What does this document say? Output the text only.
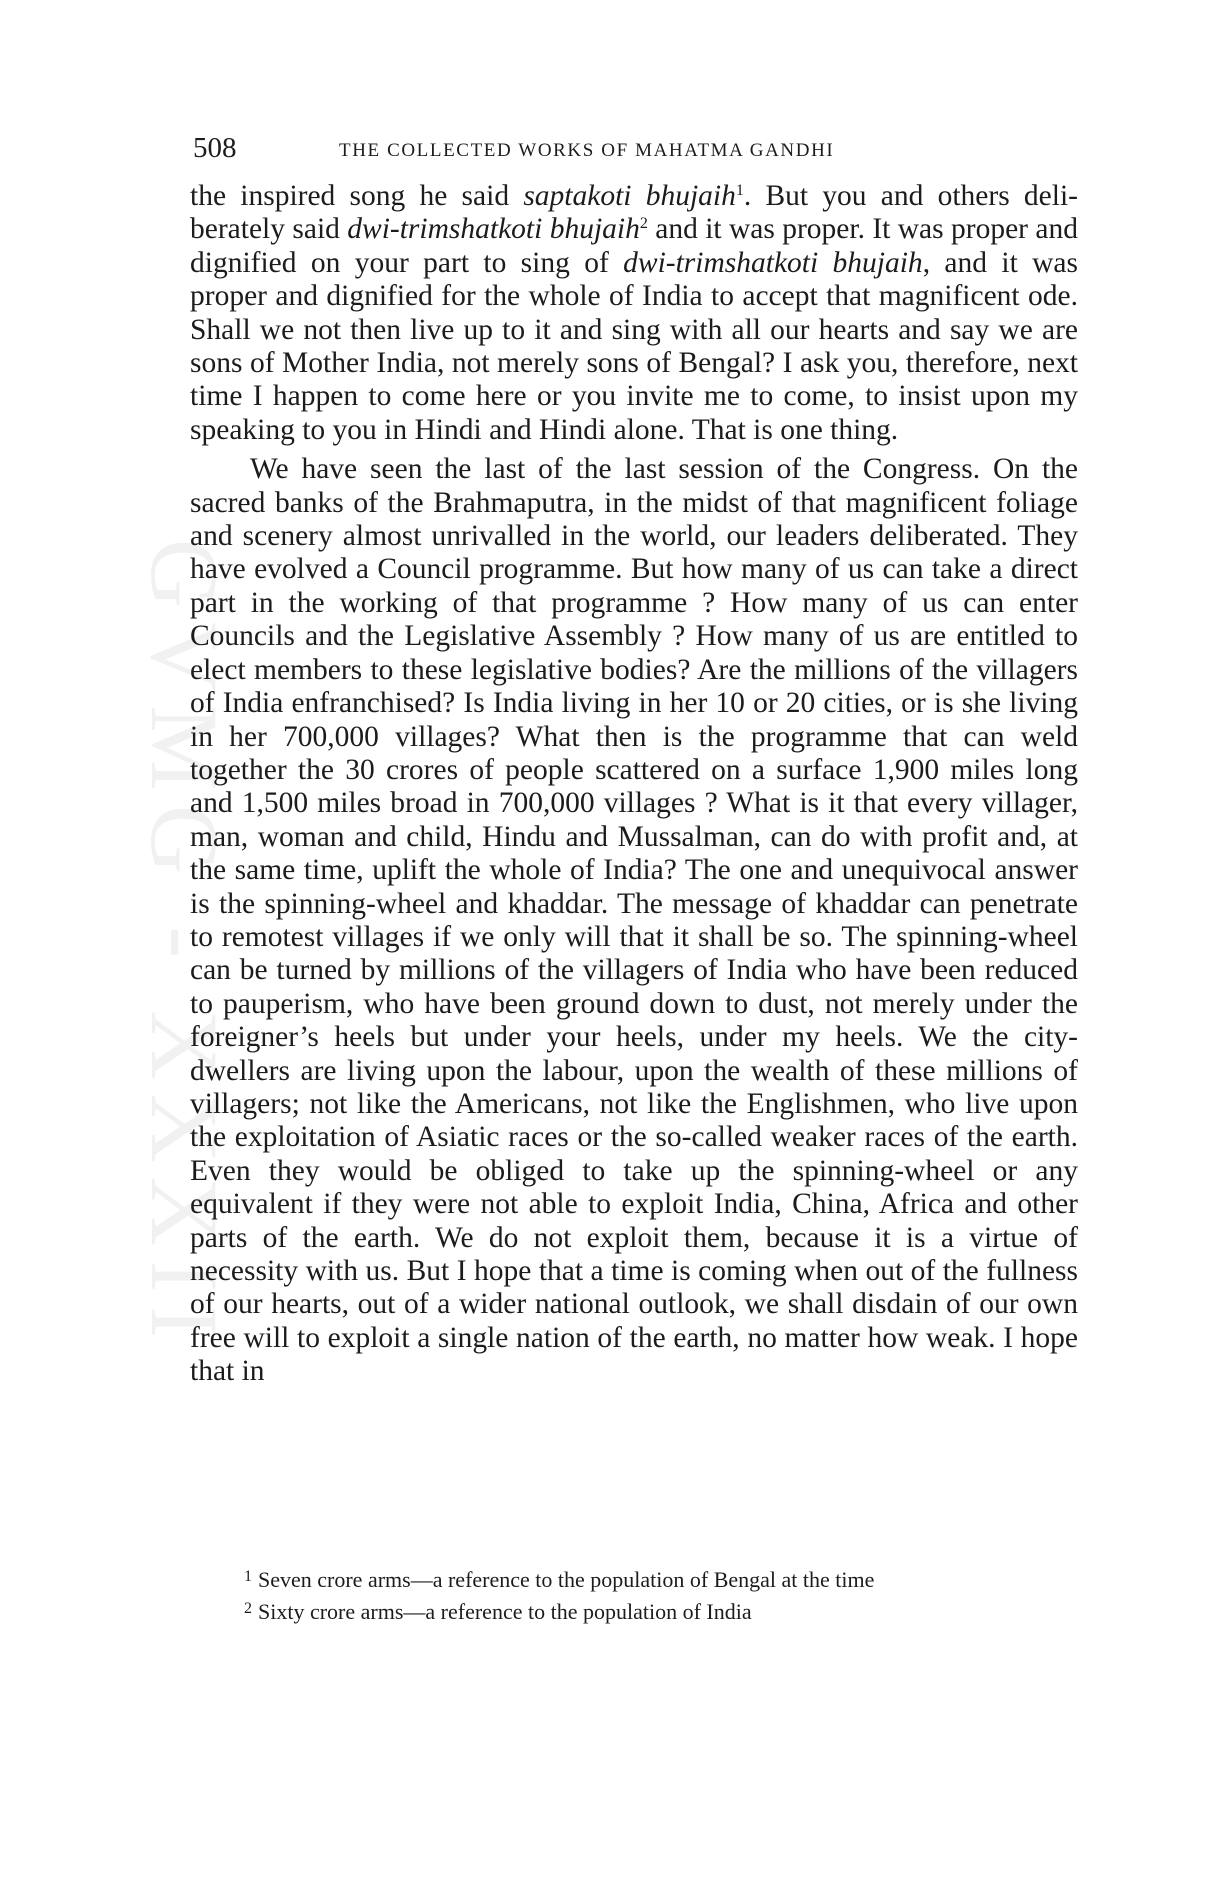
GVMG - XXXII
508	THE COLLECTED WORKS OF MAHATMA GANDHI

the inspired song he said saptakoti bhujaih$^1$. But you and others deliberately said dwi-trimshatkoti bhujaih$^2$ and it was proper. It was proper and dignified on your part to sing of dwi-trimshatkoti bhujaih, and it was proper and dignified for the whole of India to accept that magnificent ode. Shall we not then live up to it and sing with all our hearts and say we are sons of Mother India, not merely sons of Bengal? I ask you, therefore, next time I happen to come here or you invite me to come, to insist upon my speaking to you in Hindi and Hindi alone. That is one thing.

We have seen the last of the last session of the Congress. On the sacred banks of the Brahmaputra, in the midst of that magnificent foliage and scenery almost unrivalled in the world, our leaders deliberated. They have evolved a Council programme. But how many of us can take a direct part in the working of that programme ? How many of us can enter Councils and the Legislative Assembly ? How many of us are entitled to elect members to these legislative bodies? Are the millions of the villagers of India enfranchised? Is India living in her 10 or 20 cities, or is she living in her 700,000 villages? What then is the programme that can weld together the 30 crores of people scattered on a surface 1,900 miles long and 1,500 miles broad in 700,000 villages ? What is it that every villager, man, woman and child, Hindu and Mussalman, can do with profit and, at the same time, uplift the whole of India? The one and unequivocal answer is the spinning-wheel and khaddar. The message of khaddar can penetrate to remotest villages if we only will that it shall be so. The spinning-wheel can be turned by millions of the villagers of India who have been reduced to pauperism, who have been ground down to dust, not merely under the foreigner’s heels but under your heels, under my heels. We the city-dwellers are living upon the labour, upon the wealth of these millions of villagers; not like the Americans, not like the Englishmen, who live upon the exploitation of Asiatic races or the so-called weaker races of the earth. Even they would be obliged to take up the spinning-wheel or any equivalent if they were not able to exploit India, China, Africa and other parts of the earth. We do not exploit them, because it is a virtue of necessity with us. But I hope that a time is coming when out of the fullness of our hearts, out of a wider national outlook, we shall disdain of our own free will to exploit a single nation of the earth, no matter how weak. I hope that in

$^1$ Seven crore arms—a reference to the population of Bengal at the time
$^2$ Sixty crore arms—a reference to the population of India
